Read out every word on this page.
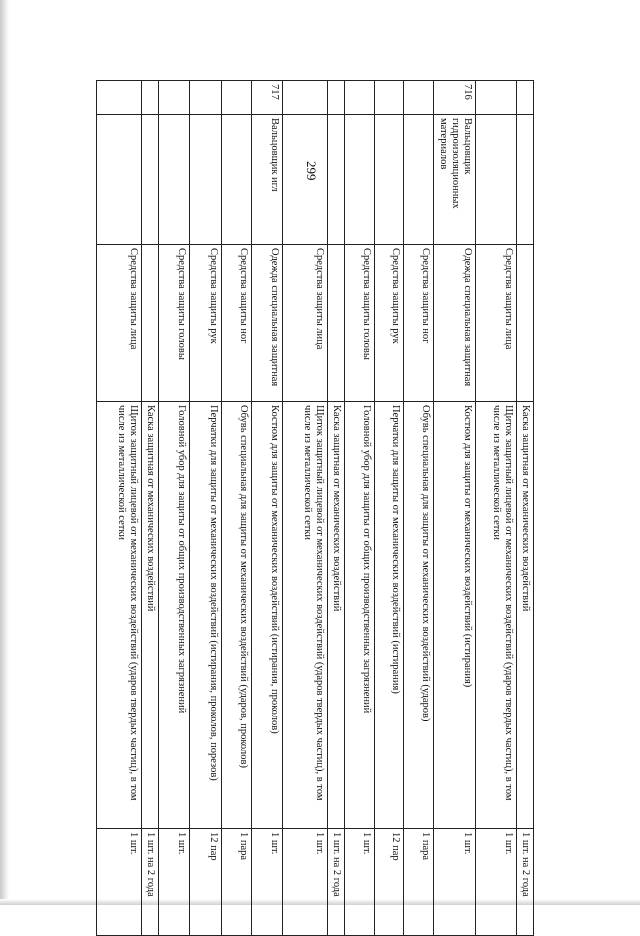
299
			Каска защитная от механических воздействий	1 шт. на 2 года
		Средства защиты лица	Щиток защитный лицевой от механических воздействий (ударов твердых частиц), в том числе из металлической сетки	1 шт.
716	Вальцовщик гидроизоляционных материалов	Одежда специальная защитная	Костюм для защиты от механических воздействий (истирания)	1 шт.
		Средства защиты ног	Обувь специальная для защиты от механических воздействий (ударов)	1 пара
		Средства защиты рук	Перчатки для защиты от механических воздействий (истирания)	12 пар
		Средства защиты головы	Головной убор для защиты от общих производственных загрязнений	1 шт.
			Каска защитная от механических воздействий	1 шт. на 2 года
		Средства защиты лица	Щиток защитный лицевой от механических воздействий (ударов твердых частиц), в том числе из металлической сетки	1 шт.
717	Вальцовщик игл	Одежда специальная защитная	Костюм для защиты от механических воздействий (истирания, проколов)	1 шт.
		Средства защиты ног	Обувь специальная для защиты от механических воздействий (ударов, проколов)	1 пара
		Средства защиты рук	Перчатки для защиты от механических воздействий (истирания, проколов, порезов)	12 пар
		Средства защиты головы	Головной убор для защиты от общих производственных загрязнений	1 шт.
			Каска защитная от механических воздействий	1 шт. на 2 года
		Средства защиты лица	Щиток защитный лицевой от механических воздействий (ударов твердых частиц), в том числе из металлической сетки	1 шт.
